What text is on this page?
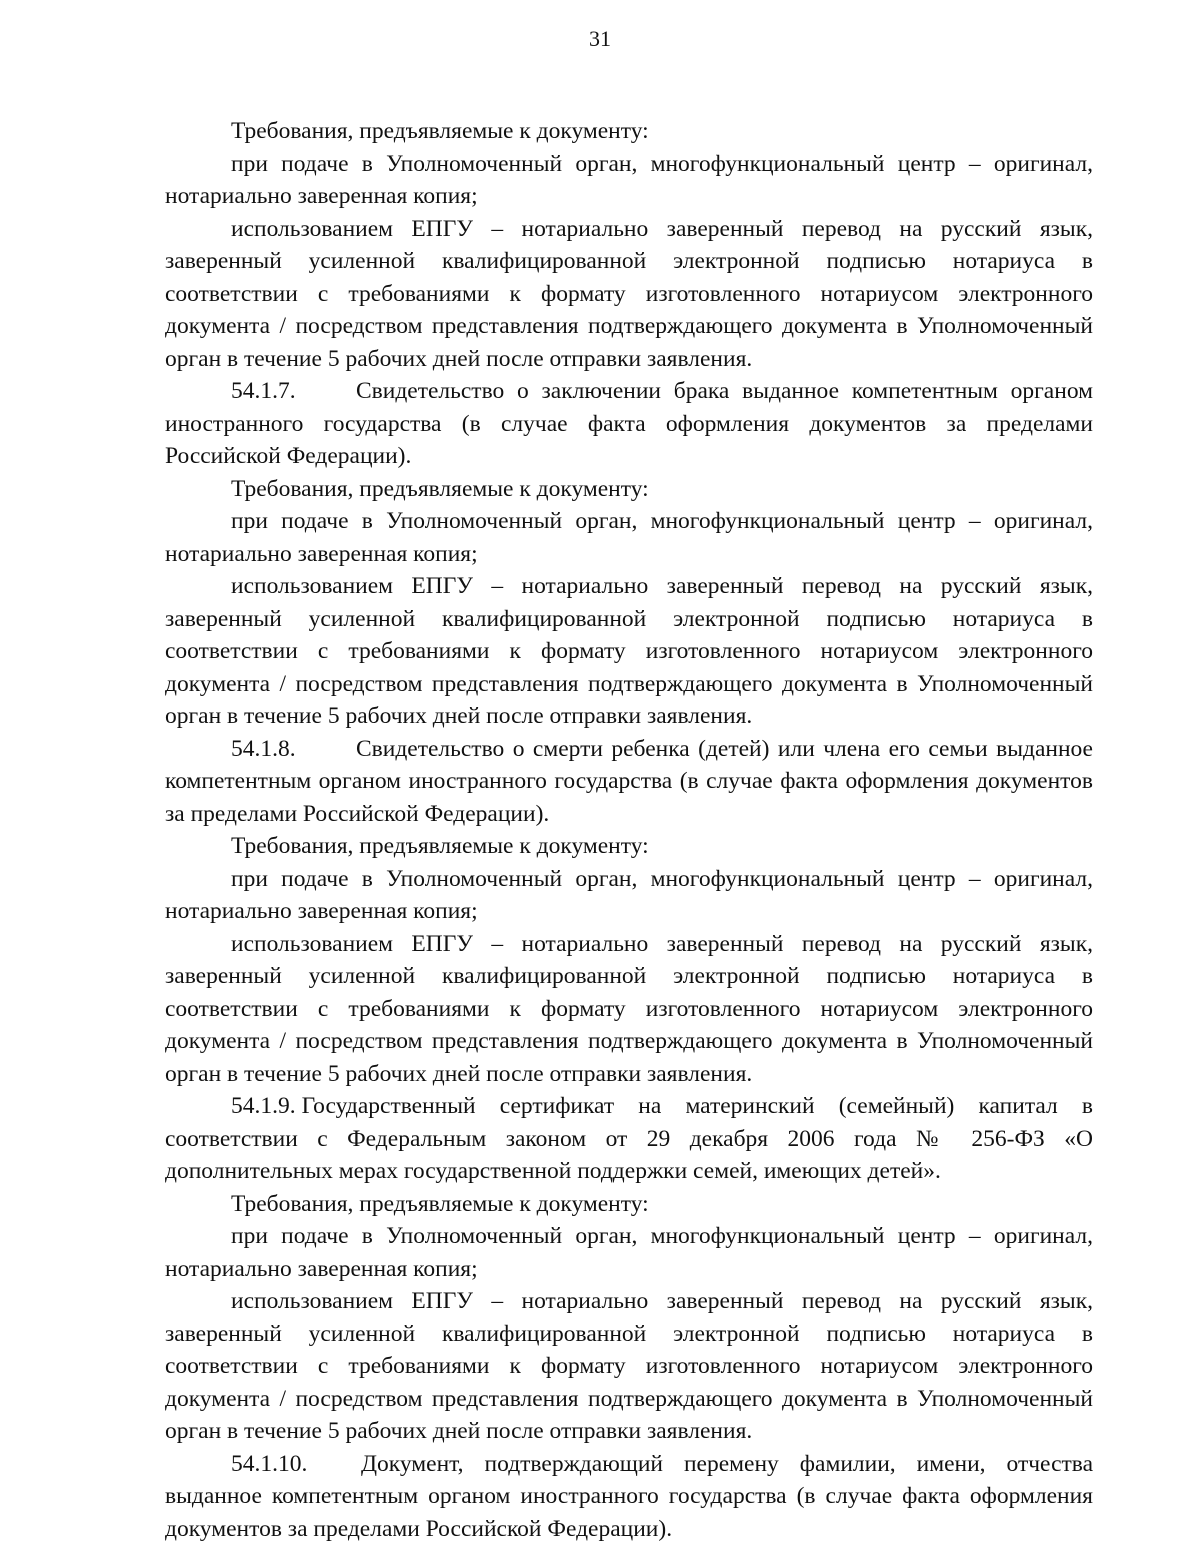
31

Требования, предъявляемые к документу:

при подаче в Уполномоченный орган, многофункциональный центр – оригинал, нотариально заверенная копия;

использованием ЕПГУ – нотариально заверенный перевод на русский язык, заверенный усиленной квалифицированной электронной подписью нотариуса в соответствии с требованиями к формату изготовленного нотариусом электронного документа / посредством представления подтверждающего документа в Уполномоченный орган в течение 5 рабочих дней после отправки заявления.

54.1.7.	Свидетельство о заключении брака выданное компетентным органом иностранного государства (в случае факта оформления документов за пределами Российской Федерации).

Требования, предъявляемые к документу:

при подаче в Уполномоченный орган, многофункциональный центр – оригинал, нотариально заверенная копия;

использованием ЕПГУ – нотариально заверенный перевод на русский язык, заверенный усиленной квалифицированной электронной подписью нотариуса в соответствии с требованиями к формату изготовленного нотариусом электронного документа / посредством представления подтверждающего документа в Уполномоченный орган в течение 5 рабочих дней после отправки заявления.

54.1.8.	Свидетельство о смерти ребенка (детей) или члена его семьи выданное компетентным органом иностранного государства (в случае факта оформления документов за пределами Российской Федерации).

Требования, предъявляемые к документу:

при подаче в Уполномоченный орган, многофункциональный центр – оригинал, нотариально заверенная копия;

использованием ЕПГУ – нотариально заверенный перевод на русский язык, заверенный усиленной квалифицированной электронной подписью нотариуса в соответствии с требованиями к формату изготовленного нотариусом электронного документа / посредством представления подтверждающего документа в Уполномоченный орган в течение 5 рабочих дней после отправки заявления.

54.1.9. Государственный сертификат на материнский (семейный) капитал в соответствии с Федеральным законом от 29 декабря 2006 года № 256-ФЗ «О дополнительных мерах государственной поддержки семей, имеющих детей».

Требования, предъявляемые к документу:

при подаче в Уполномоченный орган, многофункциональный центр – оригинал, нотариально заверенная копия;

использованием ЕПГУ – нотариально заверенный перевод на русский язык, заверенный усиленной квалифицированной электронной подписью нотариуса в соответствии с требованиями к формату изготовленного нотариусом электронного документа / посредством представления подтверждающего документа в Уполномоченный орган в течение 5 рабочих дней после отправки заявления.

54.1.10. Документ, подтверждающий перемену фамилии, имени, отчества выданное компетентным органом иностранного государства (в случае факта оформления документов за пределами Российской Федерации).
